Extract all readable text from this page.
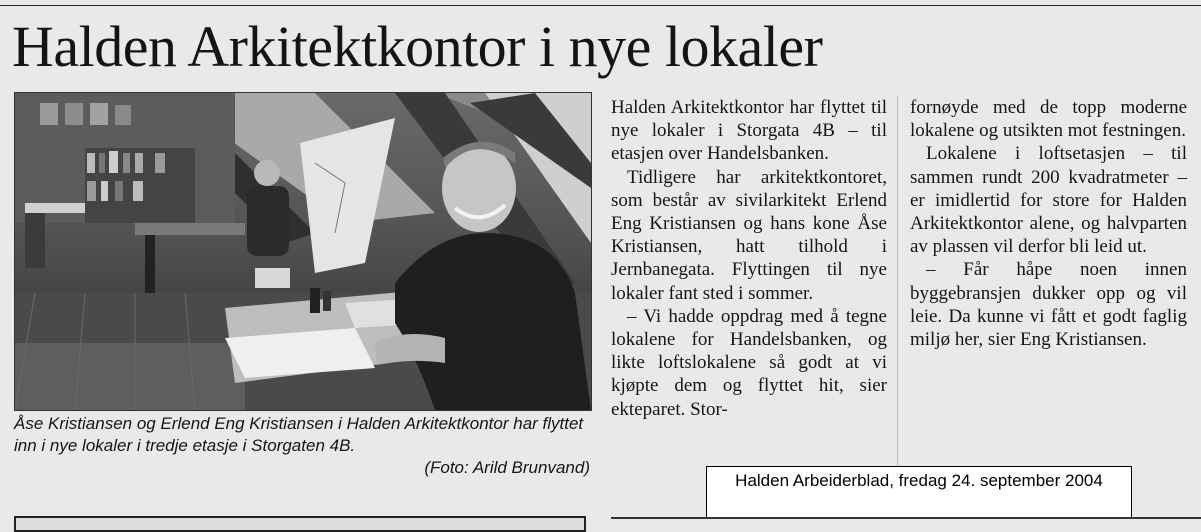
Halden Arkitektkontor i nye lokaler

Åse Kristiansen og Erlend Eng Kristiansen i Halden Arkitektkontor har flyttet inn i nye lokaler i tredje etasje i Storgaten 4B.
(Foto: Arild Brunvand)

Halden Arkitektkontor har flyttet til nye lokaler i Storgata 4B – til etasjen over Handelsbanken.

Tidligere har arkitektkontoret, som består av sivilarkitekt Erlend Eng Kristiansen og hans kone Åse Kristiansen, hatt tilhold i Jernbanegata. Flyttingen til nye lokaler fant sted i sommer.

– Vi hadde oppdrag med å tegne lokalene for Handelsbanken, og likte loftslokalene så godt at vi kjøpte dem og flyttet hit, sier ekteparet. Stor-

fornøyde med de topp moderne lokalene og utsikten mot festningen.

Lokalene i loftsetasjen – til sammen rundt 200 kvadratmeter – er imidlertid for store for Halden Arkitektkontor alene, og halvparten av plassen vil derfor bli leid ut.

– Får håpe noen innen byggebransjen dukker opp og vil leie. Da kunne vi fått et godt faglig miljø her, sier Eng Kristiansen.

Halden Arbeiderblad, fredag 24. september 2004
